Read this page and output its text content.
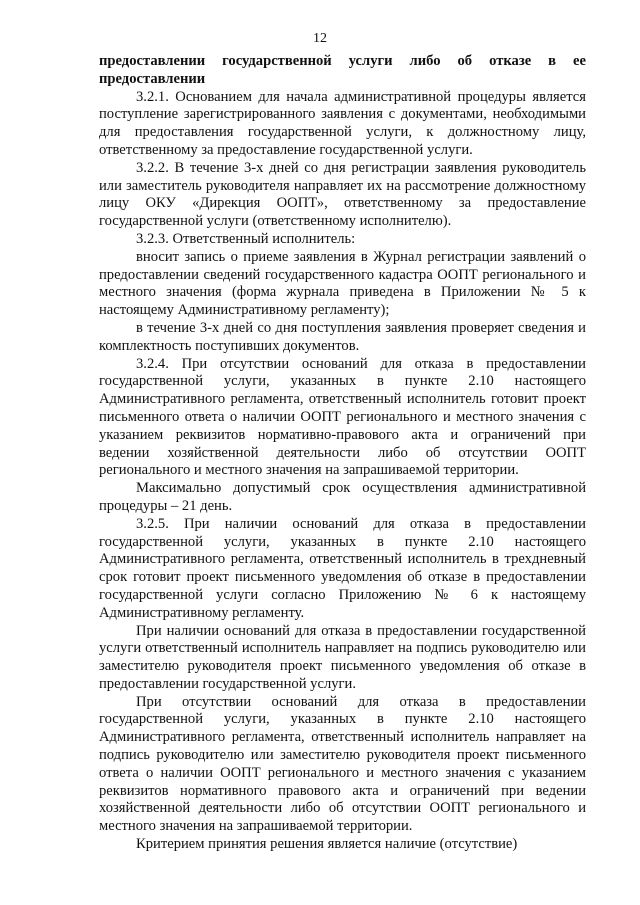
12

предоставлении государственной услуги либо об отказе в ее предоставлении

3.2.1. Основанием для начала административной процедуры является поступление зарегистрированного заявления с документами, необходимыми для предоставления государственной услуги, к должностному лицу, ответственному за предоставление государственной услуги.

3.2.2. В течение 3-х дней со дня регистрации заявления руководитель или заместитель руководителя направляет их на рассмотрение должностному лицу ОКУ «Дирекция ООПТ», ответственному за предоставление государственной услуги (ответственному исполнителю).

3.2.3. Ответственный исполнитель:

вносит запись о приеме заявления в Журнал регистрации заявлений о предоставлении сведений государственного кадастра ООПТ регионального и местного значения (форма журнала приведена в Приложении № 5 к настоящему Административному регламенту);

в течение 3-х дней со дня поступления заявления проверяет сведения и комплектность поступивших документов.

3.2.4. При отсутствии оснований для отказа в предоставлении государственной услуги, указанных в пункте 2.10 настоящего Административного регламента, ответственный исполнитель готовит проект письменного ответа о наличии ООПТ регионального и местного значения с указанием реквизитов нормативно-правового акта и ограничений при ведении хозяйственной деятельности либо об отсутствии ООПТ регионального и местного значения на запрашиваемой территории.

Максимально допустимый срок осуществления административной процедуры – 21 день.

3.2.5. При наличии оснований для отказа в предоставлении государственной услуги, указанных в пункте 2.10 настоящего Административного регламента, ответственный исполнитель в трехдневный срок готовит проект письменного уведомления об отказе в предоставлении государственной услуги согласно Приложению № 6 к настоящему Административному регламенту.

При наличии оснований для отказа в предоставлении государственной услуги ответственный исполнитель направляет на подпись руководителю или заместителю руководителя проект письменного уведомления об отказе в предоставлении государственной услуги.

При отсутствии оснований для отказа в предоставлении государственной услуги, указанных в пункте 2.10 настоящего Административного регламента, ответственный исполнитель направляет на подпись руководителю или заместителю руководителя проект письменного ответа о наличии ООПТ регионального и местного значения с указанием реквизитов нормативного правового акта и ограничений при ведении хозяйственной деятельности либо об отсутствии ООПТ регионального и местного значения на запрашиваемой территории.

Критерием принятия решения является наличие (отсутствие)
